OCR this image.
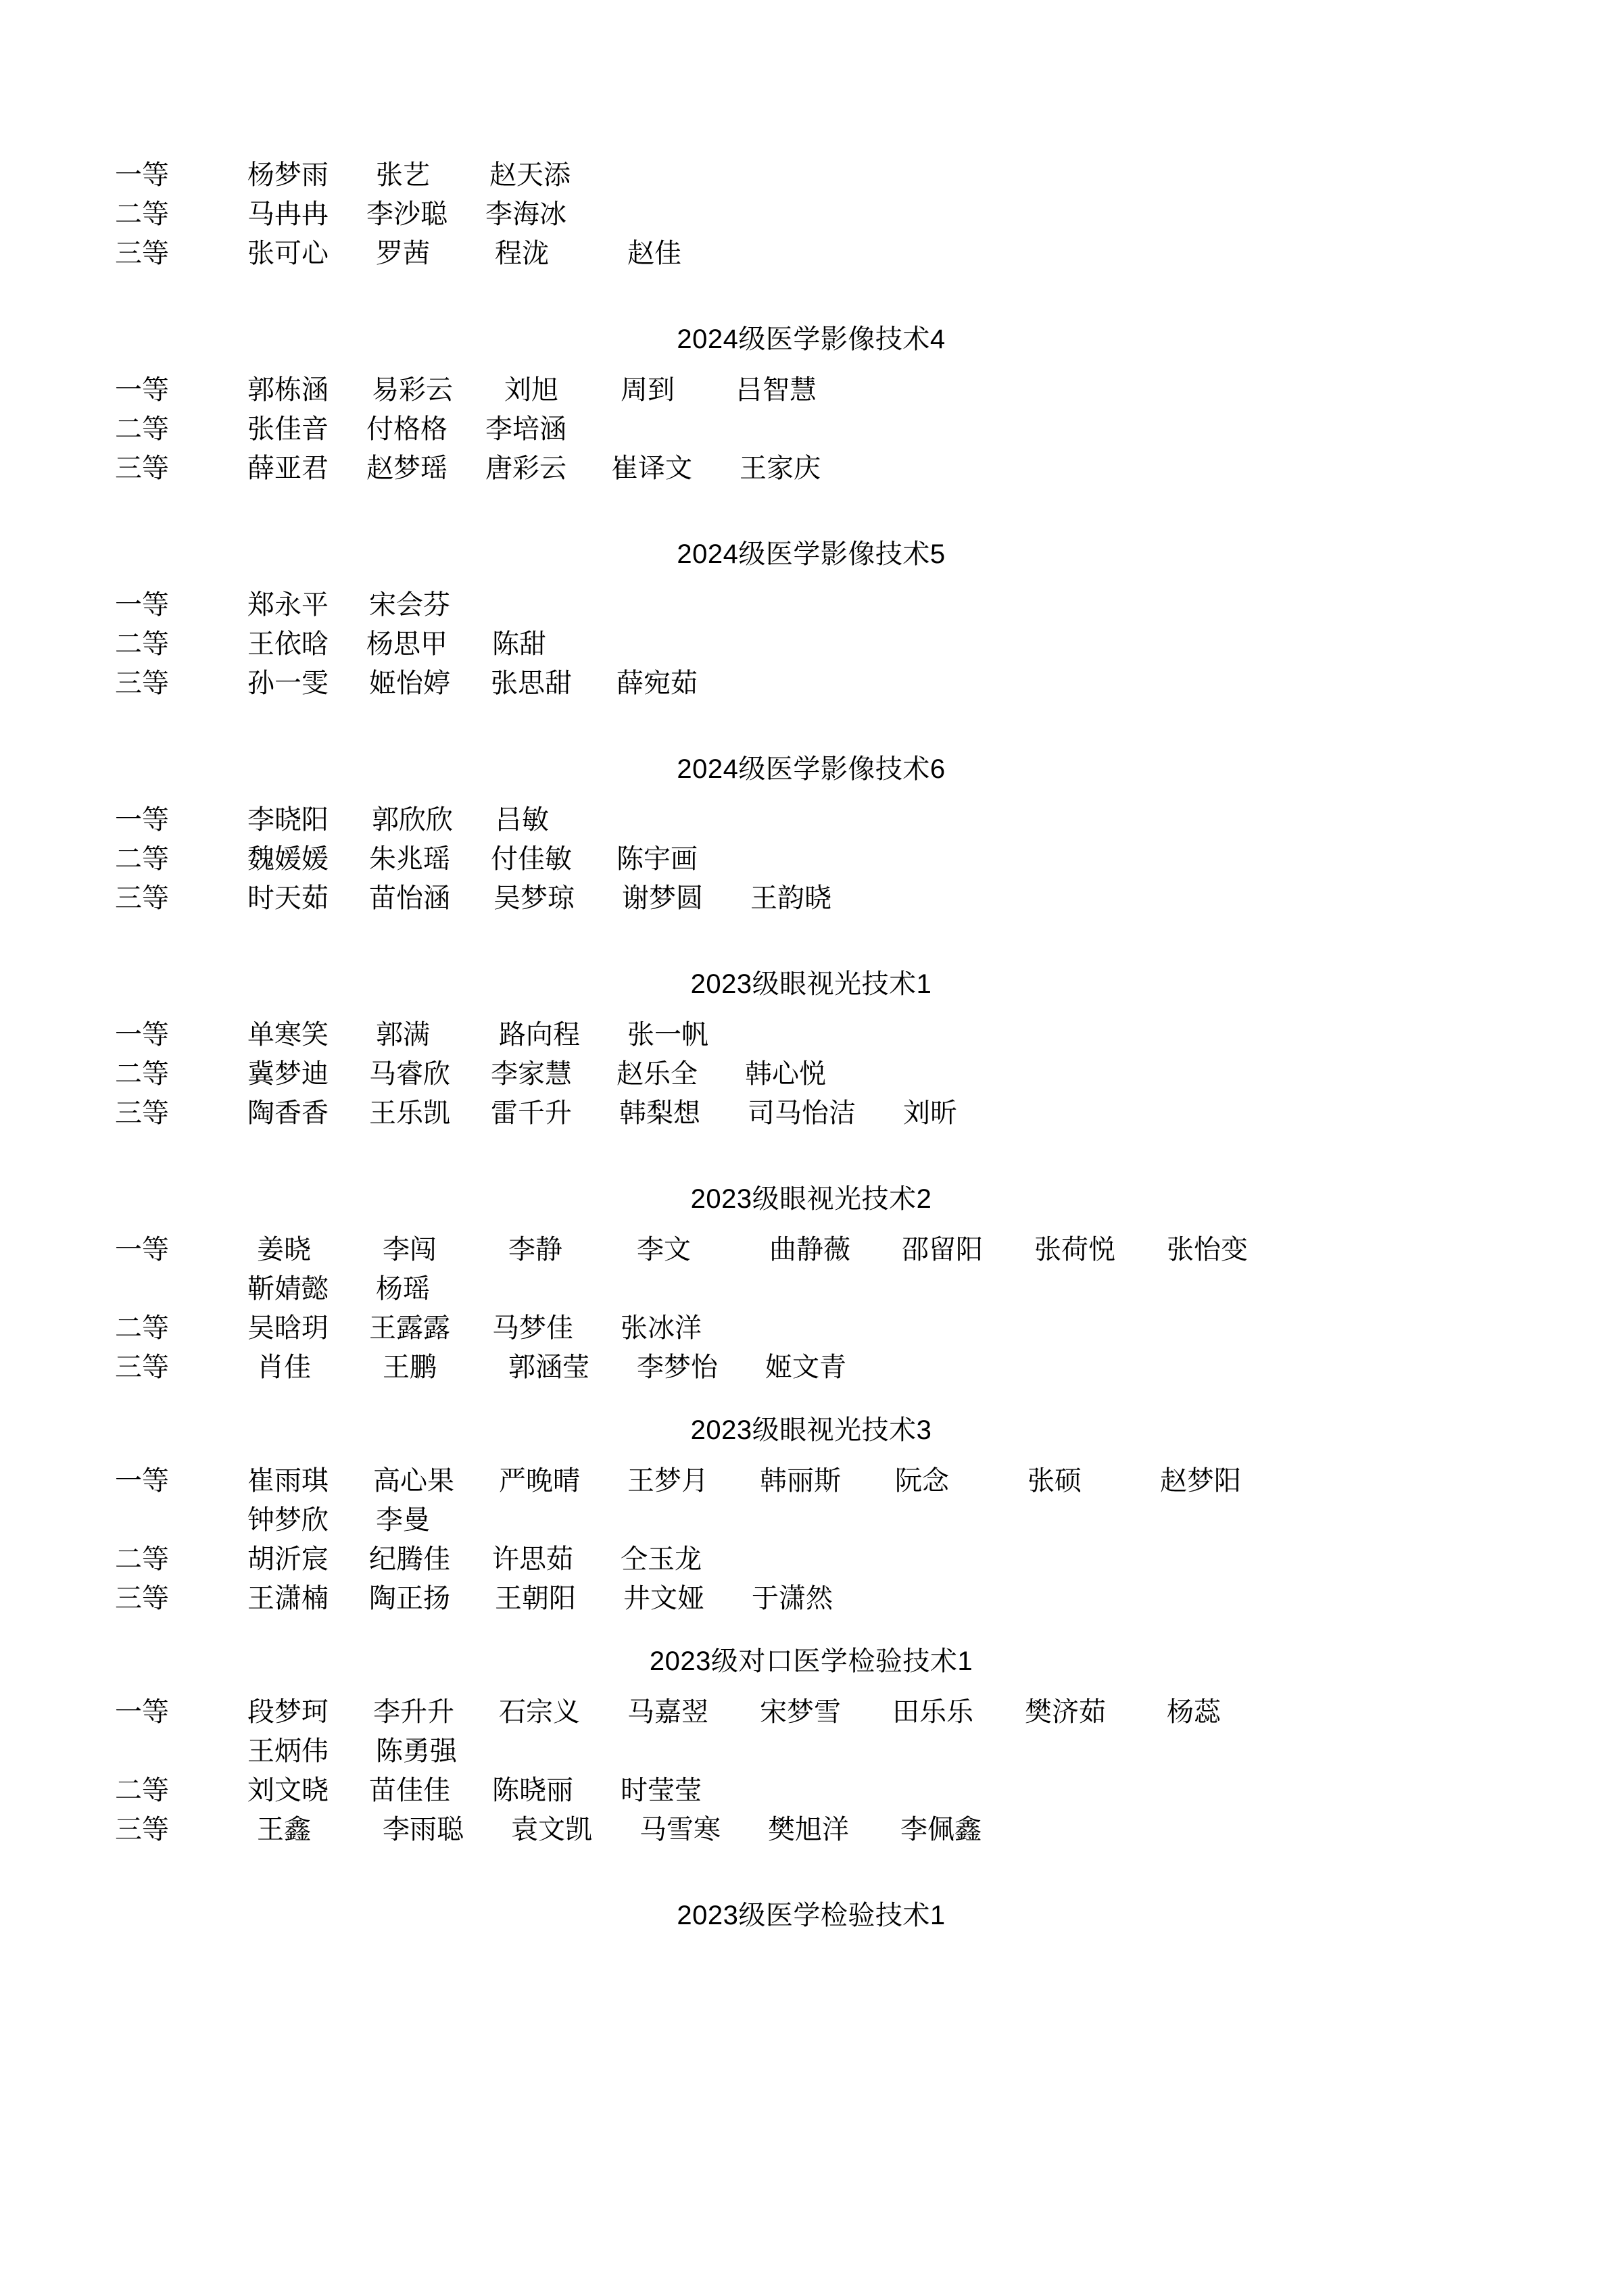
一等	杨梦雨	张艺	赵天添
二等	马冉冉	李沙聪	李海冰
三等	张可心	罗茜	程泷	赵佳
2024级医学影像技术4
一等	郭栋涵	易彩云	刘旭	周到	吕智慧
二等	张佳音	付格格	李培涵
三等	薛亚君	赵梦瑶	唐彩云	崔译文	王家庆
2024级医学影像技术5
一等	郑永平	宋会芬
二等	王依晗	杨思甲	陈甜
三等	孙一雯	姬怡婷	张思甜	薛宛茹
2024级医学影像技术6
一等	李晓阳	郭欣欣	吕敏
二等	魏媛媛	朱兆瑶	付佳敏	陈宇画
三等	时天茹	苗怡涵	吴梦琼	谢梦圆	王韵晓
2023级眼视光技术1
一等	单寒笑	郭满	路向程	张一帆
二等	冀梦迪	马睿欣	李家慧	赵乐全	韩心悦
三等	陶香香	王乐凯	雷千升	韩梨想	司马怡洁	刘昕
2023级眼视光技术2
一等	姜晓	李闯	李静	李文	曲静薇	邵留阳	张荷悦	张怡变
靳婧懿	杨瑶
二等	吴晗玥	王露露	马梦佳	张冰洋
三等	肖佳	王鹏	郭涵莹	李梦怡	姬文青
2023级眼视光技术3
一等	崔雨琪	高心果	严晚晴	王梦月	韩丽斯	阮念	张硕	赵梦阳
钟梦欣	李曼
二等	胡沂宸	纪腾佳	许思茹	仝玉龙
三等	王潇楠	陶正扬	王朝阳	井文娅	于潇然
2023级对口医学检验技术1
一等	段梦珂	李升升	石宗义	马嘉翌	宋梦雪	田乐乐	樊济茹	杨蕊
王炳伟	陈勇强
二等	刘文晓	苗佳佳	陈晓丽	时莹莹
三等	王鑫	李雨聪	袁文凯	马雪寒	樊旭洋	李佩鑫
2023级医学检验技术1
